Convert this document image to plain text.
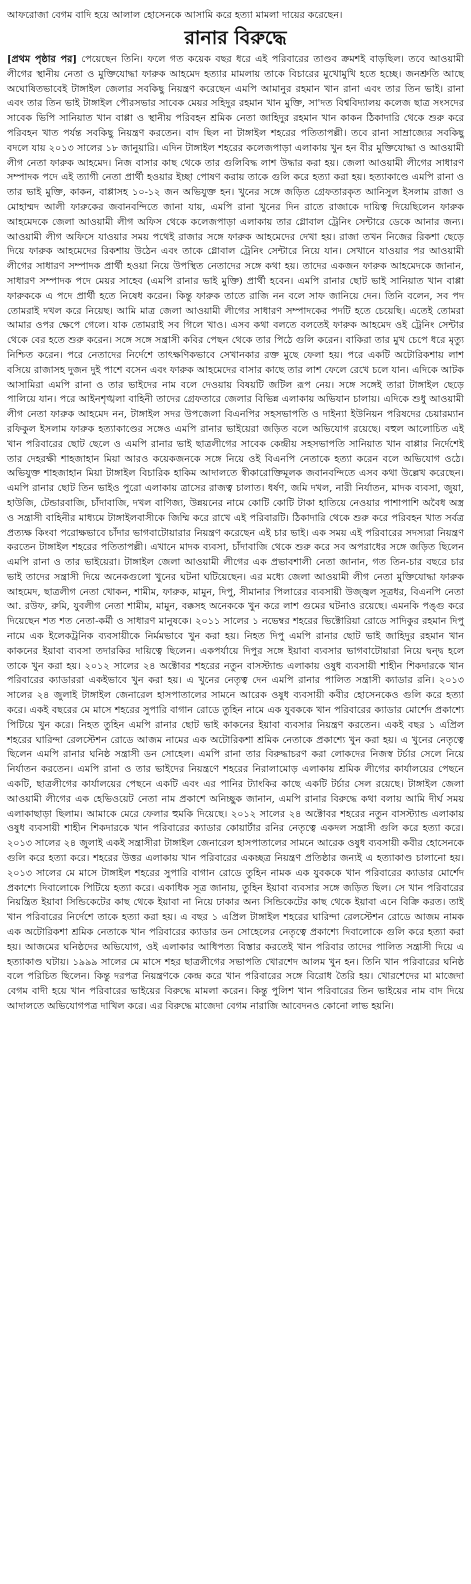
আফরোজা বেগম বাদি হয়ে আলাল হোসেনকে আসামি করে হত্যা মামলা দায়ের করেছেন।
রানার বিরুদ্ধে

[প্রথম পৃষ্ঠার পর] পেয়েছেন তিনি। ফলে গত কয়েক বছর ধরে এই পরিবারের তাণ্ডব ক্রমশই বাড়ছিল। তবে আওয়ামী লীগের স্থানীয় নেতা ও মুক্তিযোদ্ধা ফারুক আহমেদ হত্যার মামলায় তাকে বিচারের মুখোমুখি হতে হচ্ছে। জনশ্রুতি আছে অঘোষিতভাবেই টাঙ্গাইল জেলার সবকিছু নিয়ন্ত্রণ করেছেন এমপি আমানুর রহমান খান রানা এবং তার তিন ভাই। রানা এবং তার তিন ভাই টাঙ্গাইল পৌরসভার সাবেক মেয়র সহিদুর রহমান খান মুক্তি, সা'দত বিশ্ববিদ্যালয় কলেজ ছাত্র সংসদের সাবেক ভিপি সানিয়াত খান বাপ্পা ও স্থানীয় পরিবহন শ্রমিক নেতা জাহিদুর রহমান খান কাকন ঠিকাদারি থেকে শুরু করে পরিবহন খাত পর্যন্ত সবকিছু নিয়ন্ত্রণ করতেন। বাদ ছিল না টাঙ্গাইল শহরের পতিতাপল্লী। তবে রানা সাম্রাজ্যের সবকিছু বদলে যায় ২০১৩ সালের ১৮ জানুয়ারি। এদিন টাঙ্গাইল শহরের কলেজপাড়া এলাকায় খুন হন বীর মুক্তিযোদ্ধা ও আওয়ামী লীগ নেতা ফারুক আহমেদ। নিজ বাসার কাছ থেকে তার গুলিবিদ্ধ লাশ উদ্ধার করা হয়। জেলা আওয়ামী লীগের সাধারণ সম্পাদক পদে এই ত্যাগী নেতা প্রার্থী হওয়ার ইচ্ছা পোষণ করায় তাকে গুলি করে হত্যা করা হয়। হত্যাকাণ্ডে এমপি রানা ও তার ভাই মুক্তি, কাকন, বাপ্পাসহ ১০-১২ জন অভিযুক্ত হন। খুনের সঙ্গে জড়িত গ্রেফতারকৃত আনিসুল ইসলাম রাজা ও মোহাম্মদ আলী ফারুকের জবানবন্দিতে জানা যায়, এমপি রানা খুনের দিন রাতে রাজাকে দায়িত্ব দিয়েছিলেন ফারুক আহমেদকে জেলা আওয়ামী লীগ অফিস থেকে কলেজপাড়া এলাকায় তার গ্লোবাল ট্রেনিং সেন্টারে ডেকে আনার জন্য। আওয়ামী লীগ অফিসে যাওয়ার সময় পথেই রাজার সঙ্গে ফারুক আহমেদের দেখা হয়। রাজা তখন নিজের রিকশা ছেড়ে দিয়ে ফারুক আহমেদের রিকশায় উঠেন এবং তাকে গ্লোবাল ট্রেনিং সেন্টারে নিয়ে যান। সেখানে যাওয়ার পর আওয়ামী লীগের সাধারণ সম্পাদক প্রার্থী হওয়া নিয়ে উপস্থিত নেতাদের সঙ্গে কথা হয়। তাদের একজন ফারুক আহমেদকে জানান, সাধারণ সম্পাদক পদে মেয়র সাহেব (এমপি রানার ভাই মুক্তি) প্রার্থী হবেন। এমপি রানার ছোট ভাই সানিয়াত খান বাপ্পা ফারুককে এ পদে প্রার্থী হতে নিষেধ করেন। কিন্তু ফারুক তাতে রাজি নন বলে সাফ জানিয়ে দেন। তিনি বলেন, সব পদ তোমরাই দখল করে নিয়েছ। আমি মাত্র জেলা আওয়ামী লীগের সাধারণ সম্পাদকের পদটি হতে চেয়েছি। এতেই তোমরা আমার ওপর ক্ষেপে গেলে। যাক তোমরাই সব গিলে খাও। এসব কথা বলতে বলতেই ফারুক আহমেদ ওই ট্রেনিং সেন্টার থেকে বের হতে শুরু করেন। সঙ্গে সঙ্গে সন্ত্রাসী কবির পেছন থেকে তার পিঠে গুলি করেন। বাকিরা তার মুখ চেপে ধরে মৃত্যু নিশ্চিত করেন। পরে নেতাদের নির্দেশে তাৎক্ষণিকভাবে সেখানকার রক্ত মুছে ফেলা হয়। পরে একটি অটোরিকশায় লাশ বসিয়ে রাজাসহ দুজন দুই পাশে বসেন এবং ফারুক আহমেদের বাসার কাছে তার লাশ ফেলে রেখে চলে যান। এদিকে আটক আসামিরা এমপি রানা ও তার ভাইদের নাম বলে দেওয়ায় বিষয়টি জটিল রূপ নেয়। সঙ্গে সঙ্গেই তারা টাঙ্গাইল ছেড়ে পালিয়ে যান। পরে আইনশৃঙ্খলা বাহিনী তাদের গ্রেফতারে জেলার বিভিন্ন এলাকায় অভিযান চালায়। এদিকে শুধু আওয়ামী লীগ নেতা ফারুক আহমেদ নন, টাঙ্গাইল সদর উপজেলা বিএনপির সহসভাপতি ও দাইন্যা ইউনিয়ন পরিষদের চেয়ারম্যান রফিকুল ইসলাম ফারুক হত্যাকাণ্ডের সঙ্গেও এমপি রানার ভাইয়েরা জড়িত বলে অভিযোগ রয়েছে। বহুল আলোচিত এই খান পরিবারের ছোট ছেলে ও এমপি রানার ভাই ছাত্রলীগের সাবেক কেন্দ্রীয় সহসভাপতি সানিয়াত খান বাপ্পার নির্দেশেই তার দেহরক্ষী শাহজাহান মিয়া আরও কয়েকজনকে সঙ্গে নিয়ে ওই বিএনপি নেতাকে হত্যা করেন বলে অভিযোগ ওঠে। অভিযুক্ত শাহজাহান মিয়া টাঙ্গাইল বিচারিক হাকিম আদালতে স্বীকারোক্তিমূলক জবানবন্দিতে এসব কথা উল্লেখ করেছেন। এমপি রানার ছোট তিন ভাইও পুরো এলাকায় ত্রাসের রাজত্ব চালাত। ধর্ষণ, জমি দখল, নারী নির্যাতন, মাদক ব্যবসা, জুয়া, হাউজি, টেন্ডারবাজি, চাঁদাবাজি, দখল বাণিজ্য, উন্নয়নের নামে কোটি কোটি টাকা হাতিয়ে নেওয়ার পাশাপাশি অবৈধ অস্ত্র ও সন্ত্রাসী বাহিনীর মাধ্যমে টাঙ্গাইলবাসীকে জিম্মি করে রাখে এই পরিবারটি। ঠিকাদারি থেকে শুরু করে পরিবহন খাত সর্বত্র প্রত্যক্ষ কিংবা পরোক্ষভাবে চাঁদার ভাগবাটোয়ারার নিয়ন্ত্রণ করেছেন এই চার ভাই। এক সময় এই পরিবারের সদস্যরা নিয়ন্ত্রণ করতেন টাঙ্গাইল শহরের পতিতাপল্লী। এখানে মাদক ব্যবসা, চাঁদাবাজি থেকে শুরু করে সব অপরাধের সঙ্গে জড়িত ছিলেন এমপি রানা ও তার ভাইয়েরা। টাঙ্গাইল জেলা আওয়ামী লীগের এক প্রভাবশালী নেতা জানান, গত তিন-চার বছরে চার ভাই তাদের সন্ত্রাসী দিয়ে অনেকগুলো খুনের ঘটনা ঘটিয়েছেন। এর মধ্যে জেলা আওয়ামী লীগ নেতা মুক্তিযোদ্ধা ফারুক আহমেদ, ছাত্রলীগ নেতা খোকন, শামীম, ফারুক, মামুন, দিপু, সীমানার পিলারের ব্যবসায়ী উজ্জ্বল সূত্রধর, বিএনপি নেতা আ. রউফ, রুমি, যুবলীগ নেতা শামীম, মামুন, বক্কসহ অনেককে খুন করে লাশ গুমের ঘটনাও রয়েছে। এমনকি পঙ্গু করে দিয়েছেন শত শত নেতা-কর্মী ও সাধারণ মানুষকে। ২০১১ সালের ১ নভেম্বর শহরের ভিক্টোরিয়া রোডে সাদিকুর রহমান দিপু নামে এক ইলেকট্রনিক ব্যবসায়ীকে নির্মমভাবে খুন করা হয়। নিহত দিপু এমপি রানার ছোট ভাই জাহিদুর রহমান খান কাকনের ইয়াবা ব্যবসা তদারকির দায়িত্বে ছিলেন। একপর্যায়ে দিপুর সঙ্গে ইয়াবা ব্যবসার ভাগবাটোয়ারা নিয়ে দ্বন্দ্ব হলে তাকে খুন করা হয়। ২০১২ সালের ২৪ অক্টোবর শহরের নতুন বাসস্ট্যান্ড এলাকায় ওষুধ ব্যবসায়ী শাহীন শিকদারকে খান পরিবারের ক্যাডাররা একইভাবে খুন করা হয়। এ খুনের নেতৃত্ব দেন এমপি রানার পালিত সন্ত্রাসী ক্যাডার রনি। ২০১৩ সালের ২৪ জুলাই টাঙ্গাইল জেনারেল হাসপাতালের সামনে আরেক ওষুধ ব্যবসায়ী কবীর হোসেনকেও গুলি করে হত্যা করে। একই বছরের মে মাসে শহরের সুপারি বাগান রোডে তুহিন নামে এক যুবককে খান পরিবারের ক্যাডার মোর্শেদ প্রকাশ্যে পিটিয়ে খুন করে। নিহত তুহিন এমপি রানার ছোট ভাই কাকনের ইয়াবা ব্যবসার নিয়ন্ত্রণ করতেন। একই বছর ১ এপ্রিল শহরের ঘারিন্দা রেলস্টেশন রোডে আজম নামের এক অটোরিকশা শ্রমিক নেতাকে প্রকাশ্যে খুন করা হয়। এ খুনের নেতৃত্বে ছিলেন এমপি রানার ঘনিষ্ঠ সন্ত্রাসী ডন সোহেল। এমপি রানা তার বিরুদ্ধাচরণ করা লোকদের নিজস্ব টর্চার সেলে নিয়ে নির্যাতন করতেন। এমপি রানা ও তার ভাইদের নিয়ন্ত্রণে শহরের নিরালামোড় এলাকায় শ্রমিক লীগের কার্যালয়ের পেছনে একটি, ছাত্রলীগের কার্যালয়ের পেছনে একটি এবং এর পানির ট্যাংকির কাছে একটি টর্চার সেল রয়েছে। টাঙ্গাইল জেলা আওয়ামী লীগের এক হেভিওয়েট নেতা নাম প্রকাশে অনিচ্ছুক জানান, এমপি রানার বিরুদ্ধে কথা বলায় আমি দীর্ঘ সময় এলাকাছাড়া ছিলাম। আমাকে মেরে ফেলার হুমকি দিয়েছে। ২০১২ সালের ২৪ অক্টোবর শহরের নতুন বাসস্ট্যান্ড এলাকায় ওষুধ ব্যবসায়ী শাহীন শিকদারকে খান পরিবারের ক্যাডার কোয়ার্টার রনির নেতৃত্বে একদল সন্ত্রাসী গুলি করে হত্যা করে। ২০১৩ সালের ২৪ জুলাই একই সন্ত্রাসীরা টাঙ্গাইল জেনারেল হাসপাতালের সামনে আরেক ওষুধ ব্যবসায়ী কবীর হোসেনকে গুলি করে হত্যা করে। শহরের উত্তর এলাকায় খান পরিবারের একচ্ছত্র নিয়ন্ত্রণ প্রতিষ্ঠার জন্যই এ হত্যাকাণ্ড চালানো হয়। ২০১৩ সালের মে মাসে টাঙ্গাইল শহরের সুপারি বাগান রোডে তুহিন নামক এক যুবককে খান পরিবারের ক্যাডার মোর্শেদ প্রকাশ্যে দিবালোকে পিটিয়ে হত্যা করে। একাধিক সূত্র জানায়, তুহিন ইয়াবা ব্যবসার সঙ্গে জড়িত ছিল। সে খান পরিবারের নিয়ন্ত্রিত ইয়াবা সিন্ডিকেটের কাছ থেকে ইয়াবা না নিয়ে ঢাকার অন্য সিন্ডিকেটের কাছ থেকে ইয়াবা এনে বিক্রি করত। তাই খান পরিবারের নির্দেশে তাকে হত্যা করা হয়। এ বছর ১ এপ্রিল টাঙ্গাইল শহরের ঘারিন্দা রেলস্টেশন রোডে আজম নামক এক অটোরিকশা শ্রমিক নেতাকে খান পরিবারের ক্যাডার ডন সোহেলের নেতৃত্বে প্রকাশ্যে দিবালোকে গুলি করে হত্যা করা হয়। আজমের ঘনিষ্ঠদের অভিযোগ, ওই এলাকার আধিপত্য বিস্তার করতেই খান পরিবার তাদের পালিত সন্ত্রাসী দিয়ে এ হত্যাকাণ্ড ঘটায়। ১৯৯৯ সালের মে মাসে শহর ছাত্রলীগের সভাপতি খোরশেদ আলম খুন হন। তিনি খান পরিবারের ঘনিষ্ঠ বলে পরিচিত ছিলেন। কিন্তু দরপত্র নিয়ন্ত্রণকে কেন্দ্র করে খান পরিবারের সঙ্গে বিরোধ তৈরি হয়। খোরশেদের মা মাজেদা বেগম বাদী হয়ে খান পরিবারের ভাইয়ের বিরুদ্ধে মামলা করেন। কিন্তু পুলিশ খান পরিবারের তিন ভাইয়ের নাম বাদ দিয়ে আদালতে অভিযোগপত্র দাখিল করে। এর বিরুদ্ধে মাজেদা বেগম নারাজি আবেদনও কোনো লাভ হয়নি।
